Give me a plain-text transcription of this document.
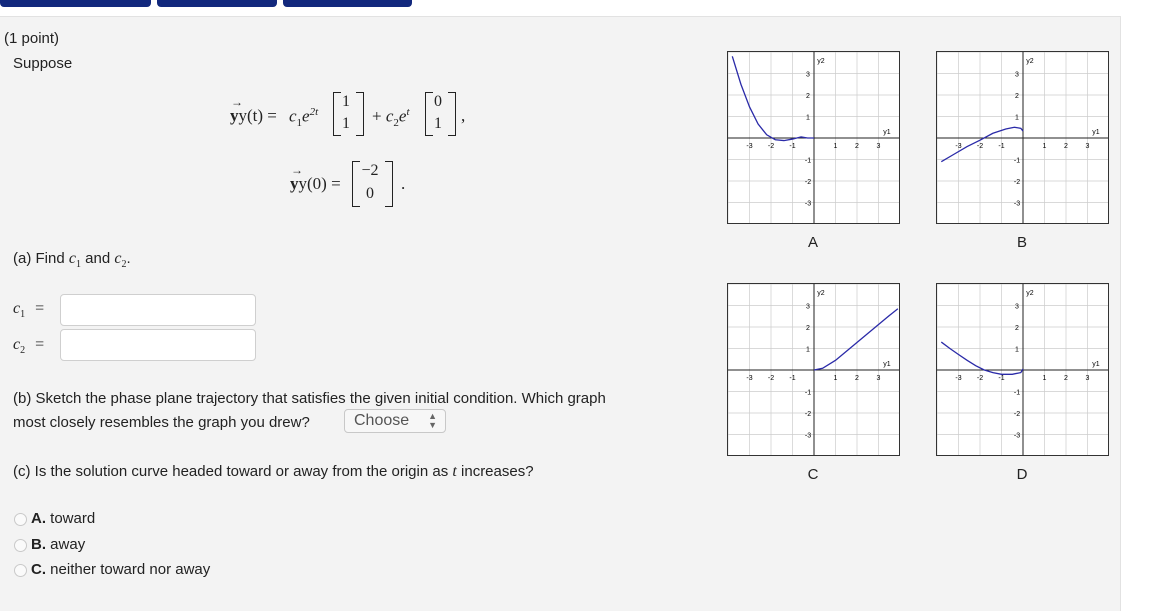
(1 point)
Suppose
y
→
$y(t) = c_1e^{2t}$
1
1	+ $c_2e^t$
0
1	,
y
→
y(0) =
−2
0
.
(a) Find $c_1$ and $c_2$.
$c_1$ =
$c_2$ =
(b) Sketch the phase plane trajectory that satisfies the given initial condition. Which graph
most closely resembles the graph you drew?	Choose ▲
▼
(c) Is the solution curve headed toward or away from the origin as t increases?
A. toward
B. away
C. neither toward nor away
-3
-3
-2
-2
-1
-1
1
1
2
2
3
3
y1
y2
A
-3
-3
-2
-2
-1
-1
1
1
2
2
3
3
y1
y2
B
-3
-3
-2
-2
-1
-1
1
1
2
2
3
3
y1
y2
C
-3
-3
-2
-2
-1
-1
1
1
2
2
3
3
y1
y2
D
